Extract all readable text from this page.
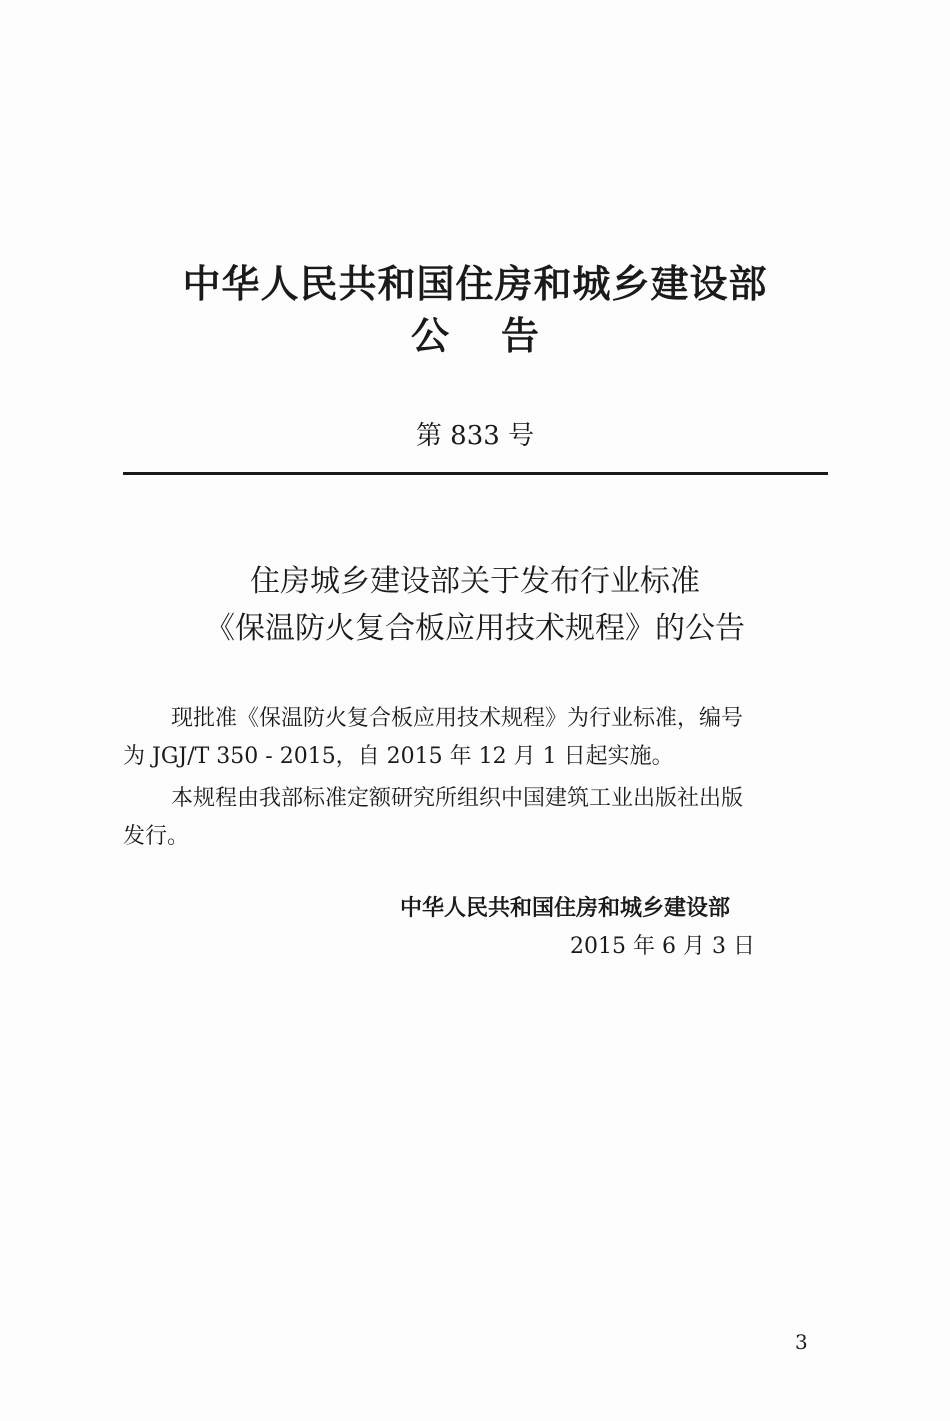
中华人民共和国住房和城乡建设部
公 告
第 833 号
住房城乡建设部关于发布行业标准
《保温防火复合板应用技术规程》的公告
现批准《保温防火复合板应用技术规程》为行业标准，编号
为 JGJ/T 350 - 2015，自 2015 年 12 月 1 日起实施。
本规程由我部标准定额研究所组织中国建筑工业出版社出版
发行。
中华人民共和国住房和城乡建设部
2015 年 6 月 3 日
3
